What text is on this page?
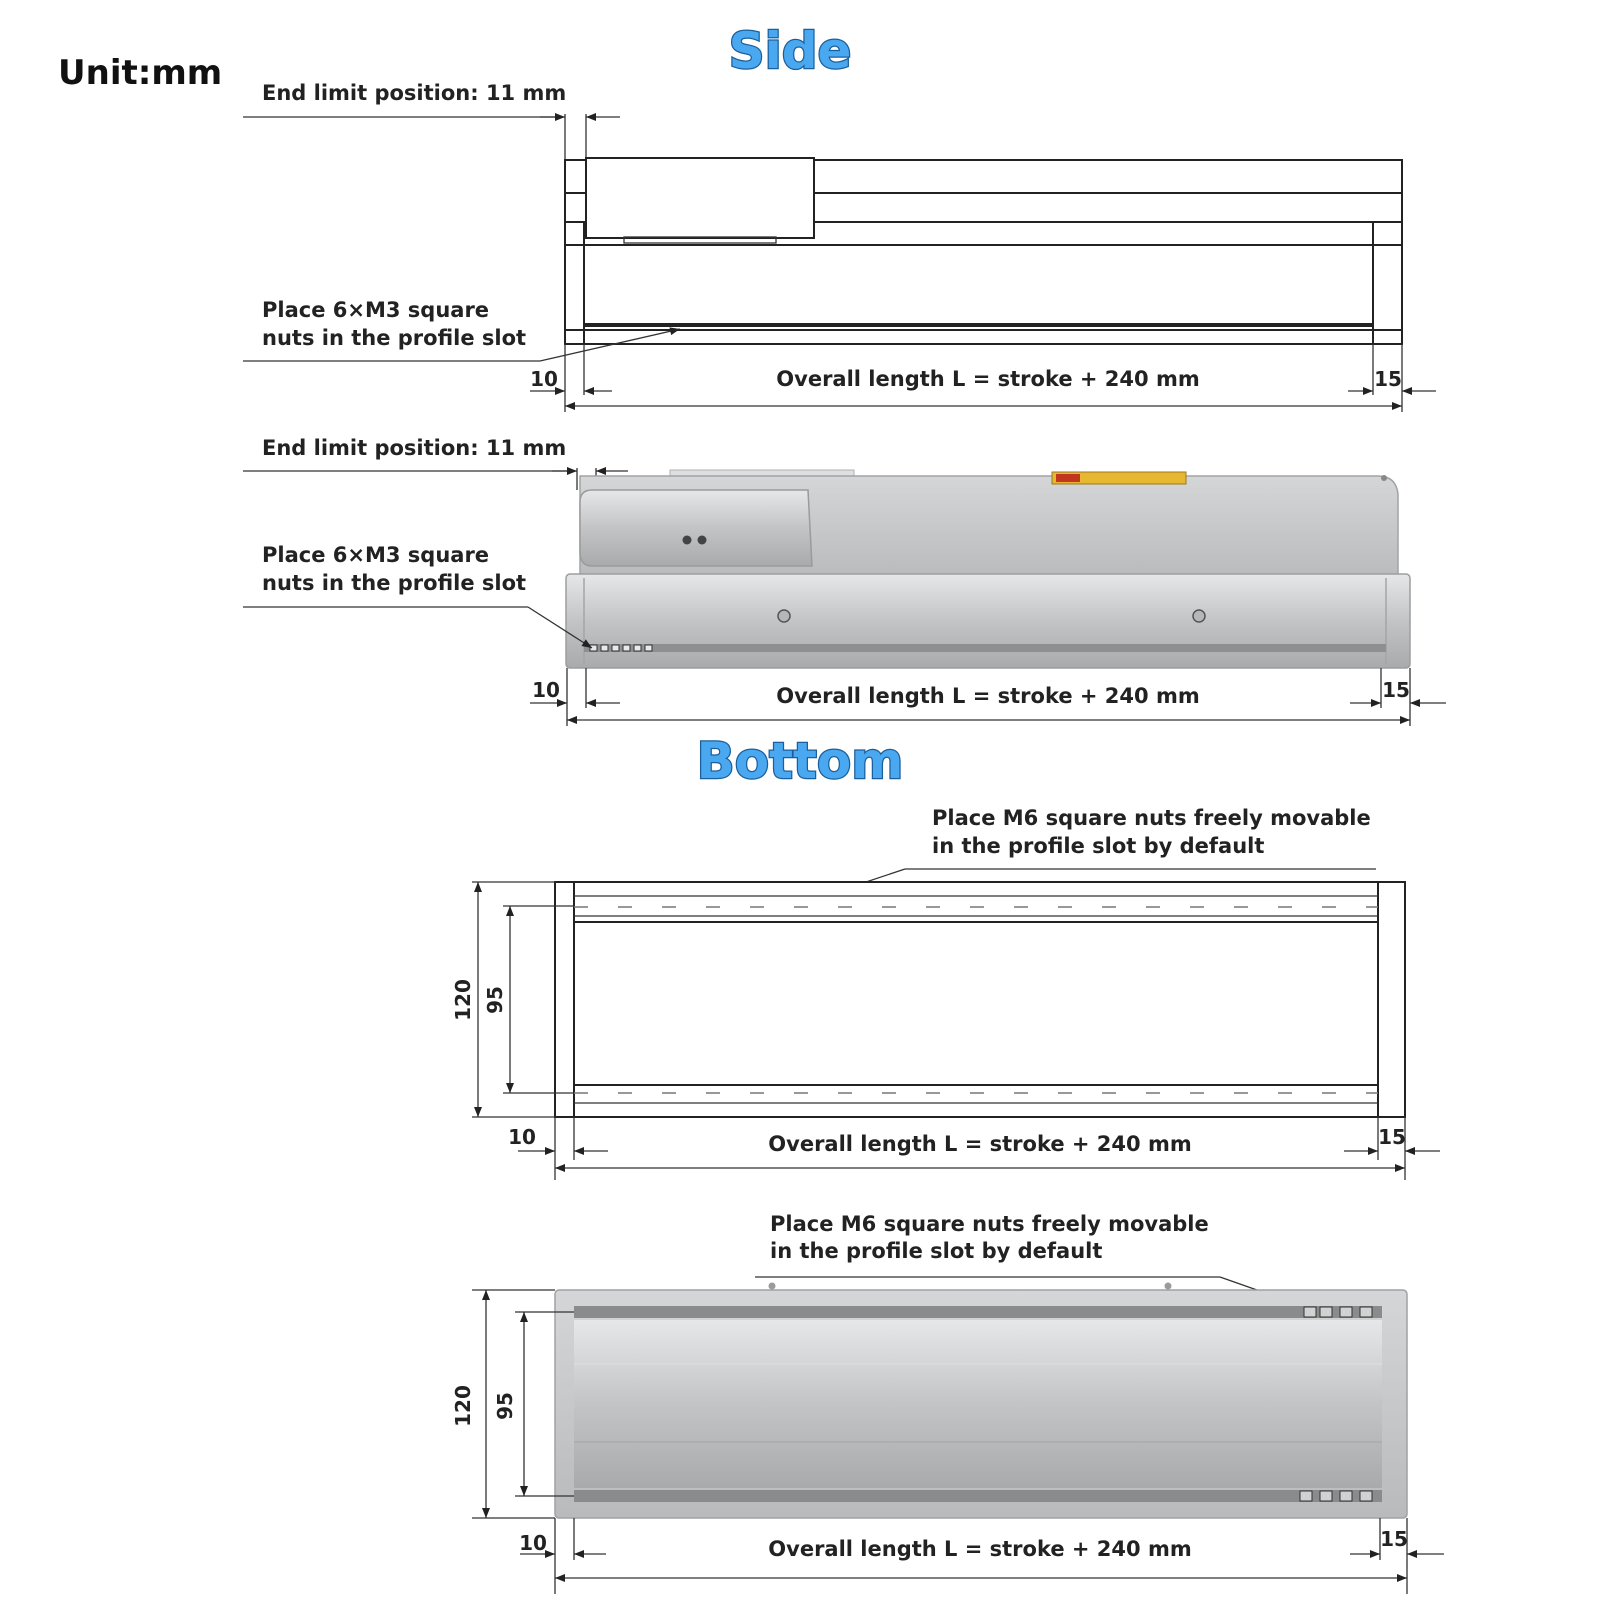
Unit:mm	Side
End limit position: 11 mm
Place 6×M3 square
nuts in the profile slot
10	15
Overall length L = stroke + 240 mm
End limit position: 11 mm
Place 6×M3 square
nuts in the profile slot
10	15
Overall length L = stroke + 240 mm
Bottom
Place M6 square nuts freely movable
in the profile slot by default
120 95
10	15
Overall length L = stroke + 240 mm
Place M6 square nuts freely movable
in the profile slot by default
120 95
10	15
Overall length L = stroke + 240 mm
